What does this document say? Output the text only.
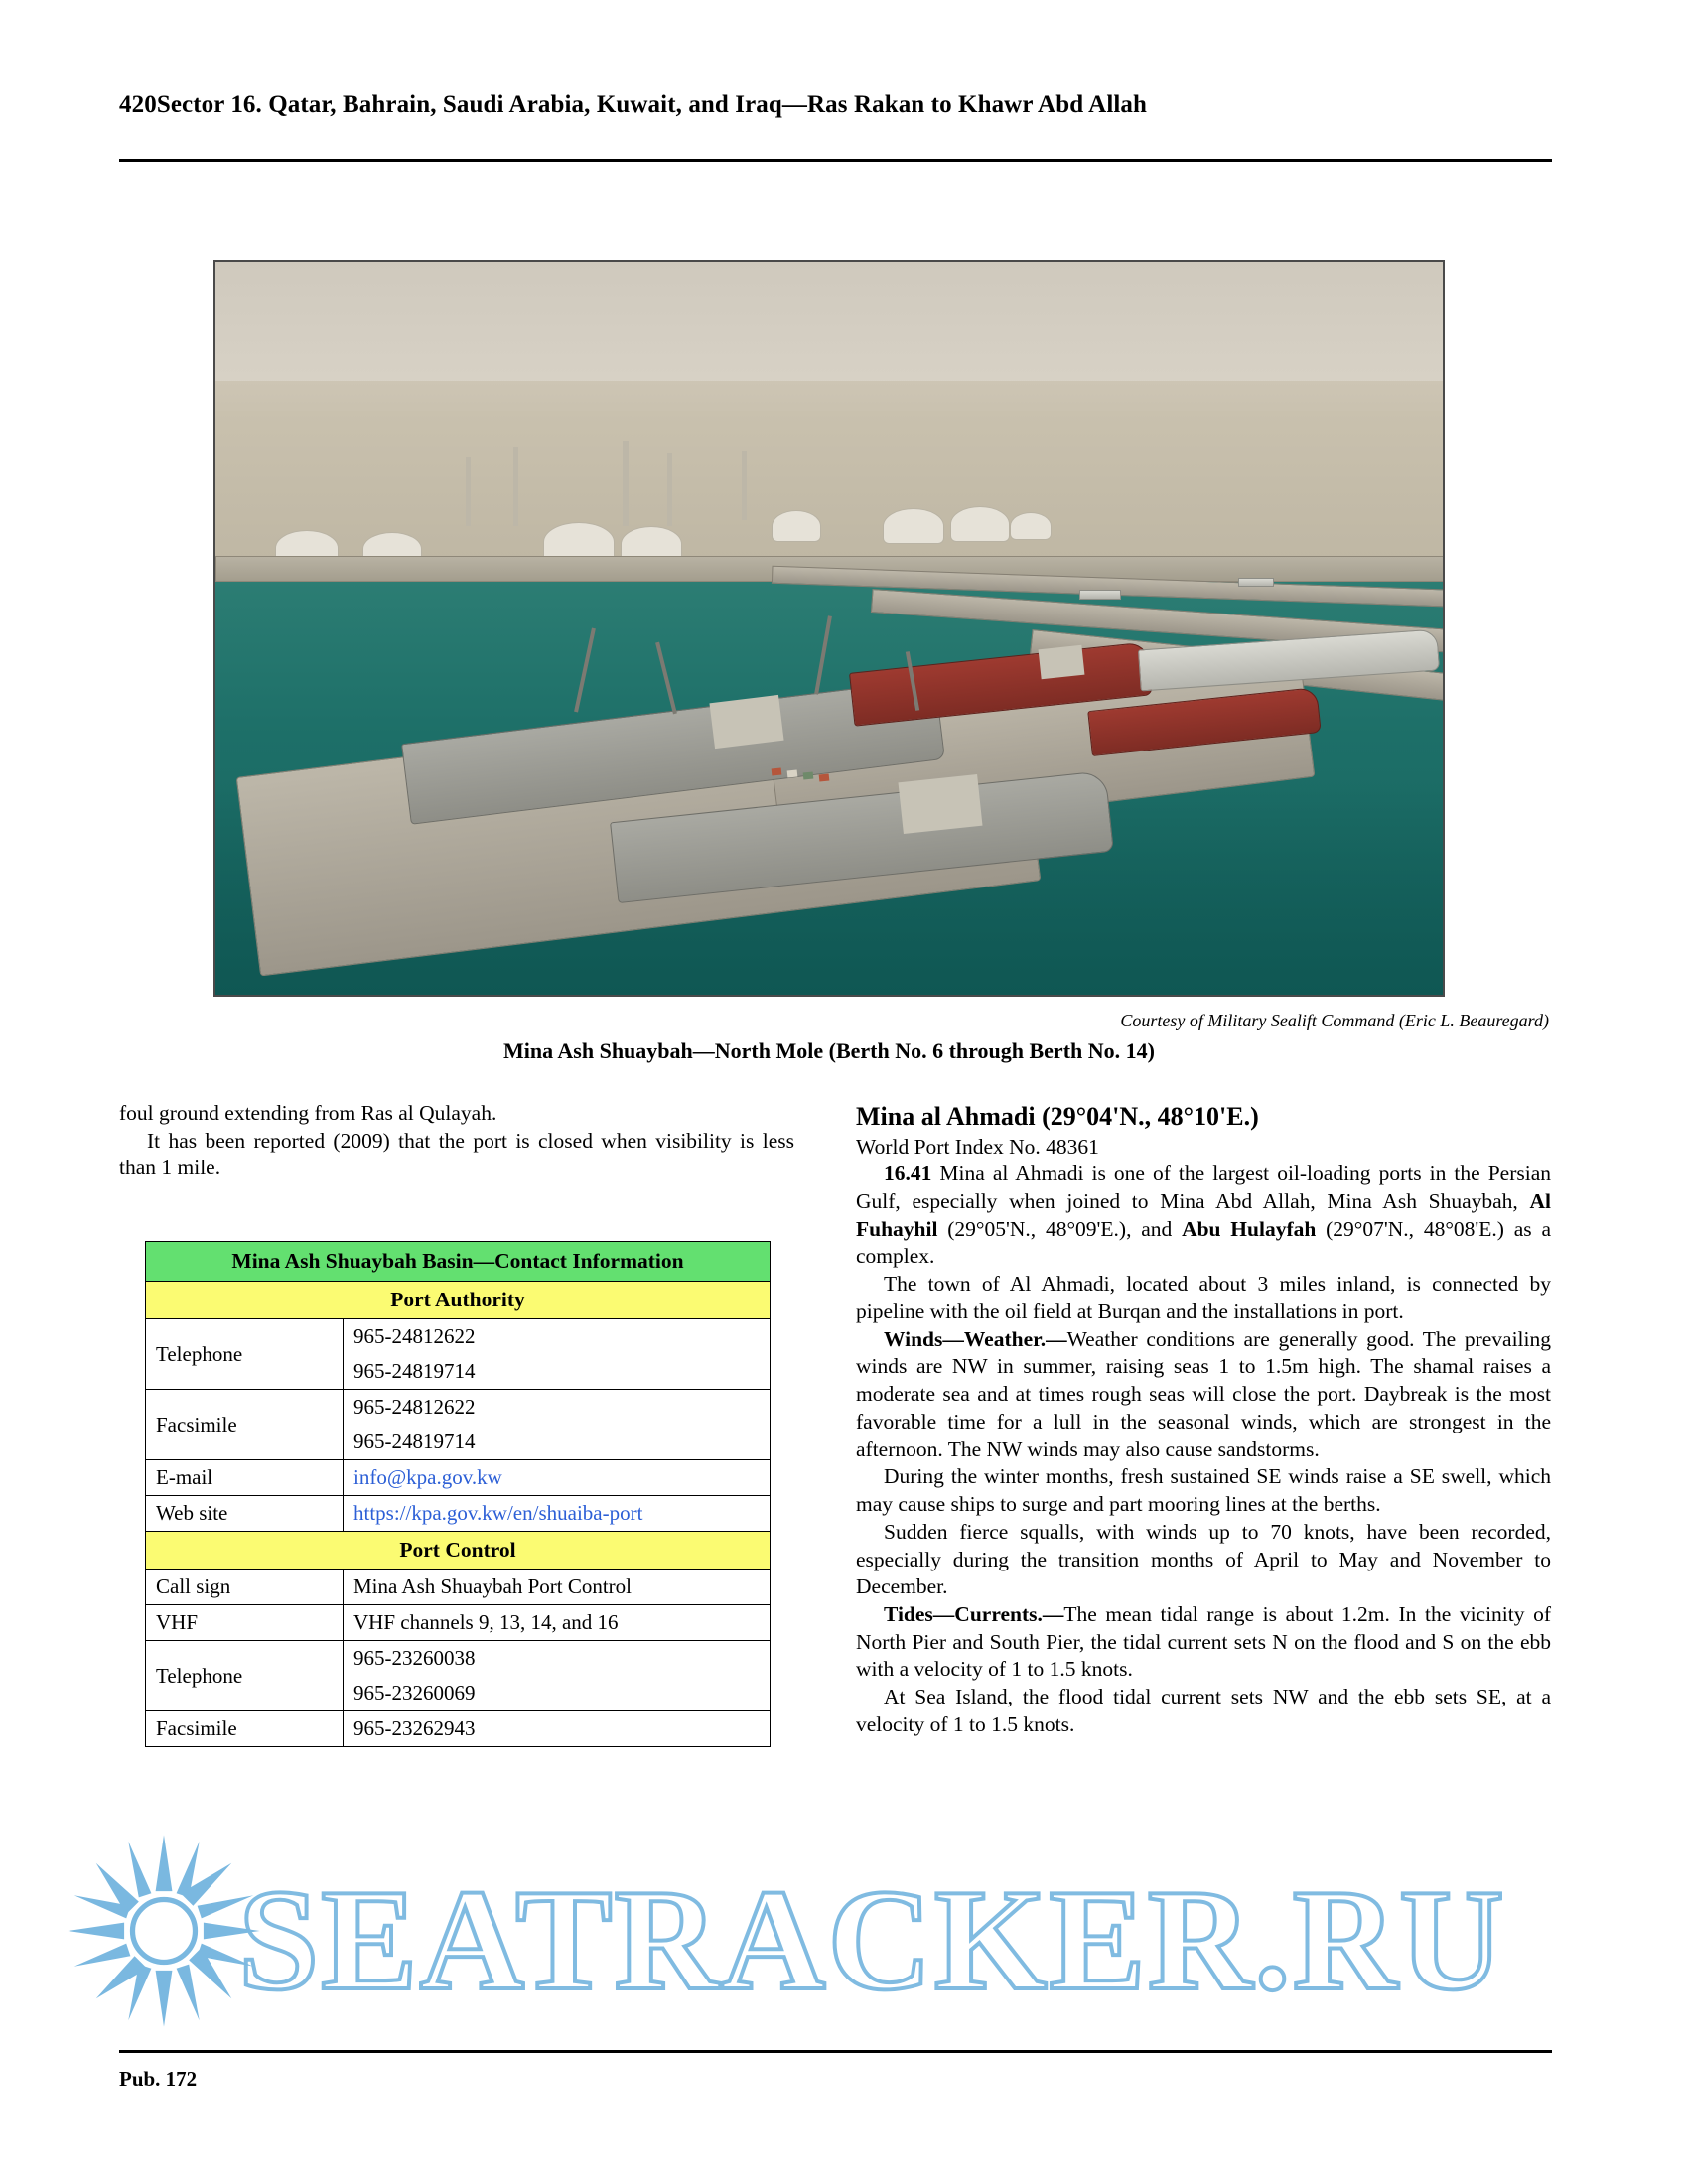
420Sector 16. Qatar, Bahrain, Saudi Arabia, Kuwait, and Iraq—Ras Rakan to Khawr Abd Allah
Courtesy of Military Sealift Command (Eric L. Beauregard)
Mina Ash Shuaybah—North Mole (Berth No. 6 through Berth No. 14)

foul ground extending from Ras al Qulayah.

It has been reported (2009) that the port is closed when visibility is less than 1 mile.

Mina Ash Shuaybah Basin—Contact Information	
Port Authority	
Telephone	965-24812622
	965-24819714
Facsimile	965-24812622
	965-24819714
E-mail	info@kpa.gov.kw
Web site	https://kpa.gov.kw/en/shuaiba-port
Port Control	
Call sign	Mina Ash Shuaybah Port Control
VHF	VHF channels 9, 13, 14, and 16
Telephone	965-23260038
	965-23260069
Facsimile	965-23262943

Mina al Ahmadi (29°04'N., 48°10'E.)

World Port Index No. 48361

16.41 Mina al Ahmadi is one of the largest oil-loading ports in the Persian Gulf, especially when joined to Mina Abd Allah, Mina Ash Shuaybah, Al Fuhayhil (29°05'N., 48°09'E.), and Abu Hulayfah (29°07'N., 48°08'E.) as a complex.

The town of Al Ahmadi, located about 3 miles inland, is connected by pipeline with the oil field at Burqan and the installations in port.

Winds—Weather.—Weather conditions are generally good. The prevailing winds are NW in summer, raising seas 1 to 1.5m high. The shamal raises a moderate sea and at times rough seas will close the port. Daybreak is the most favorable time for a lull in the seasonal winds, which are strongest in the afternoon. The NW winds may also cause sandstorms.

During the winter months, fresh sustained SE winds raise a SE swell, which may cause ships to surge and part mooring lines at the berths.

Sudden fierce squalls, with winds up to 70 knots, have been recorded, especially during the transition months of April to May and November to December.

Tides—Currents.—The mean tidal range is about 1.2m. In the vicinity of North Pier and South Pier, the tidal current sets N on the flood and S on the ebb with a velocity of 1 to 1.5 knots.

At Sea Island, the flood tidal current sets NW and the ebb sets SE, at a velocity of 1 to 1.5 knots.

Pub. 172
SEATRACKER.RU
